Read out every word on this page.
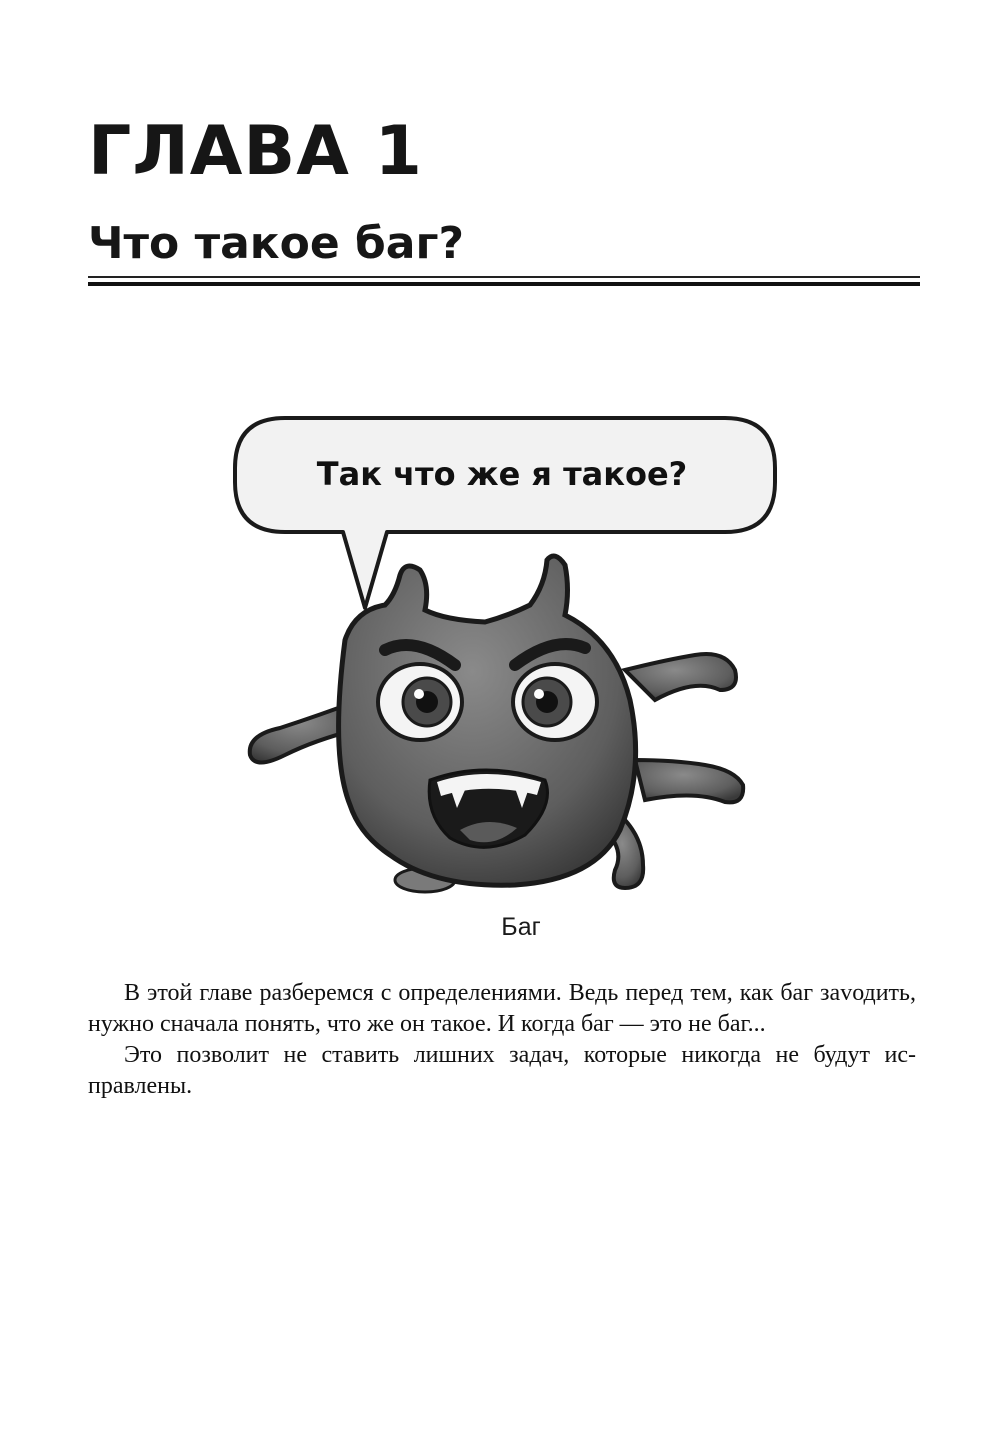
ГЛАВА 1
Что такое баг?
Так что же я такое?
Баг

В этой главе разберемся с определениями. Ведь перед тем, как баг заvодить, нужно сначала понять, что же он такое. И когда баг — это не баг...

Это позволит не ставить лишних задач, которые никогда не будут исправлены.
